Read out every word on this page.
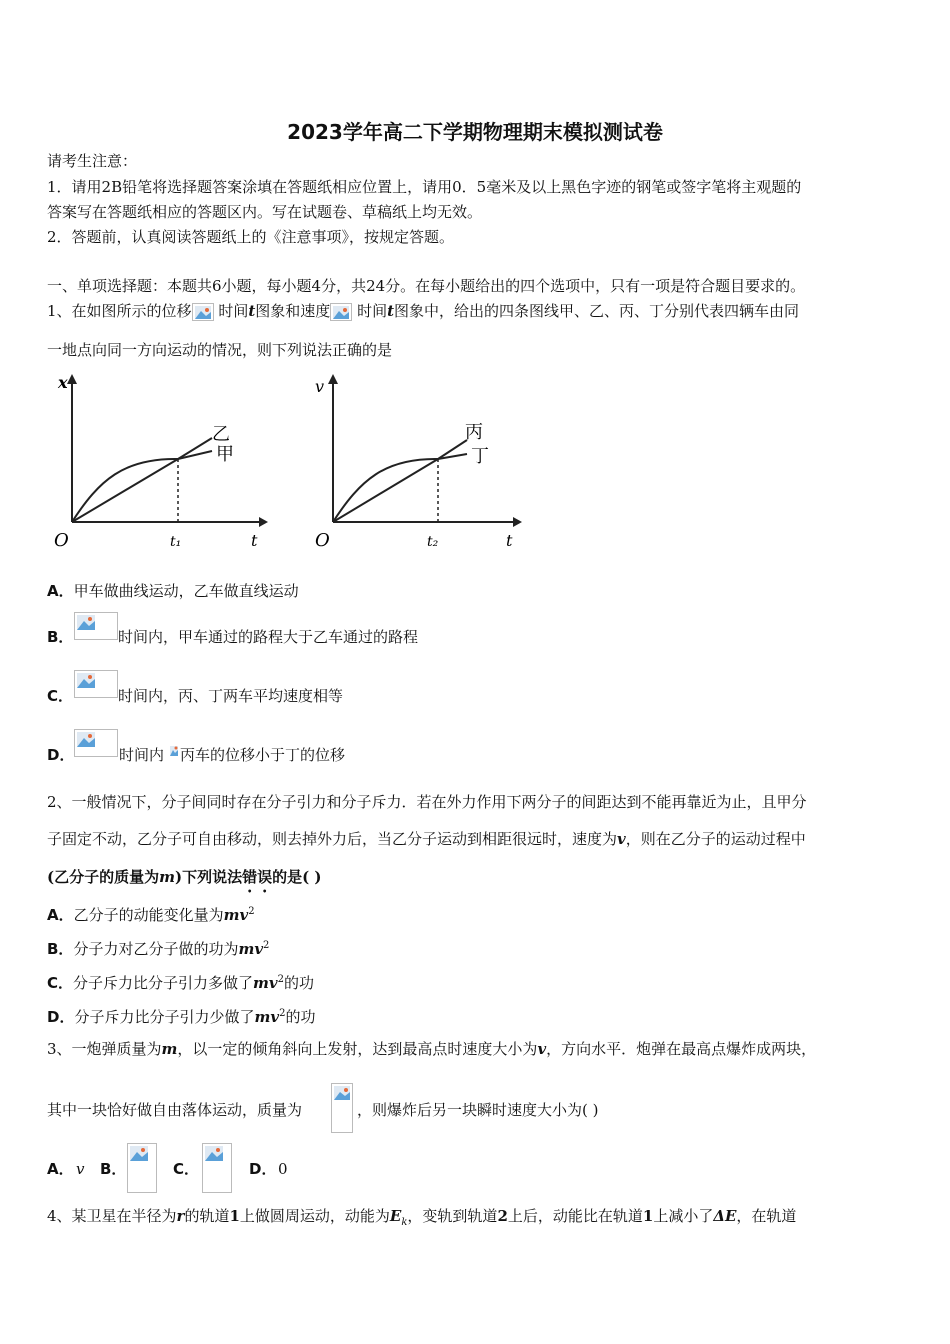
2023学年高二下学期物理期末模拟测试卷
请考生注意：
1．请用2B铅笔将选择题答案涂填在答题纸相应位置上，请用0．5毫米及以上黑色字迹的钢笔或签字笔将主观题的
答案写在答题纸相应的答题区内。写在试题卷、草稿纸上均无效。
2．答题前，认真阅读答题纸上的《注意事项》，按规定答题。
一、单项选择题：本题共6小题，每小题4分，共24分。在每小题给出的四个选项中，只有一项是符合题目要求的。
1、在如图所示的位移 时间t图象和速度 时间t图象中，给出的四条图线甲、乙、丙、丁分别代表四辆车由同
一地点向同一方向运动的情况，则下列说法正确的是
x
t
O	t₁
乙
甲
v
t
O	t₂
丙
丁
A．甲车做曲线运动，乙车做直线运动
B．	时间内，甲车通过的路程大于乙车通过的路程
C．	时间内，丙、丁两车平均速度相等
D．	时间内 丙车的位移小于丁的位移
2、一般情况下，分子间同时存在分子引力和分子斥力．若在外力作用下两分子的间距达到不能再靠近为止，且甲分
子固定不动，乙分子可自由移动，则去掉外力后，当乙分子运动到相距很远时，速度为v，则在乙分子的运动过程中
(乙分子的质量为m)下列说法错误的是( )
A．乙分子的动能变化量为$mv^2$
B．分子力对乙分子做的功为$mv^2$
C．分子斥力比分子引力多做了$mv^2$的功
D．分子斥力比分子引力少做了$mv^2$的功
3、一炮弹质量为m，以一定的倾角斜向上发射，达到最高点时速度大小为v，方向水平．炮弹在最高点爆炸成两块，
其中一块恰好做自由落体运动，质量为	，则爆炸后另一块瞬时速度大小为( )
A． v B．	C．	D． 0
4、某卫星在半径为r的轨道1上做圆周运动，动能为$E_k$，变轨到轨道2上后，动能比在轨道1上减小了ΔE，在轨道
